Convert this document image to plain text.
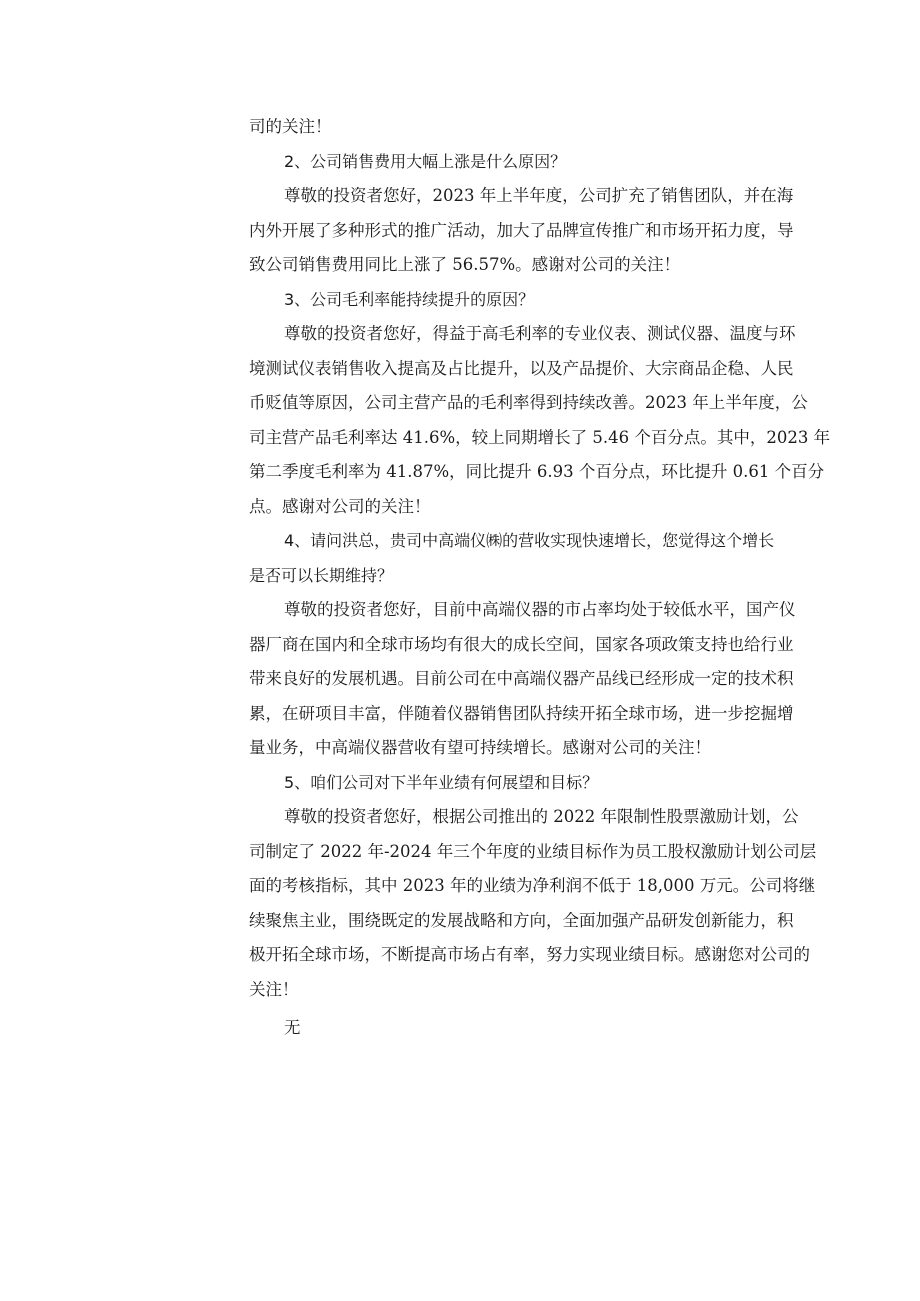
司的关注！

2、公司销售费用大幅上涨是什么原因？

尊敬的投资者您好，2023 年上半年度，公司扩充了销售团队，并在海
内外开展了多种形式的推广活动，加大了品牌宣传推广和市场开拓力度，导
致公司销售费用同比上涨了 56.57%。感谢对公司的关注！

3、公司毛利率能持续提升的原因？

尊敬的投资者您好，得益于高毛利率的专业仪表、测试仪器、温度与环
境测试仪表销售收入提高及占比提升，以及产品提价、大宗商品企稳、人民
币贬值等原因，公司主营产品的毛利率得到持续改善。2023 年上半年度，公
司主营产品毛利率达 41.6%，较上同期增长了 5.46 个百分点。其中，2023 年
第二季度毛利率为 41.87%，同比提升 6.93 个百分点，环比提升 0.61 个百分
点。感谢对公司的关注！
4、请问洪总，贵司中高端仪㈱的营收实现快速增长，您觉得这个增长
是否可以长期维持？
尊敬的投资者您好，目前中高端仪器的市占率均处于较低水平，国产仪
器厂商在国内和全球市场均有很大的成长空间，国家各项政策支持也给行业
带来良好的发展机遇。目前公司在中高端仪器产品线已经形成一定的技术积
累，在研项目丰富，伴随着仪器销售团队持续开拓全球市场，进一步挖掘增
量业务，中高端仪器营收有望可持续增长。感谢对公司的关注！

5、咱们公司对下半年业绩有何展望和目标？

尊敬的投资者您好，根据公司推出的 2022 年限制性股票激励计划，公
司制定了 2022 年-2024 年三个年度的业绩目标作为员工股权激励计划公司层
面的考核指标，其中 2023 年的业绩为净利润不低于 18,000 万元。公司将继
续聚焦主业，围绕既定的发展战略和方向，全面加强产品研发创新能力，积
极开拓全球市场，不断提高市场占有率，努力实现业绩目标。感谢您对公司的
关注！

无
